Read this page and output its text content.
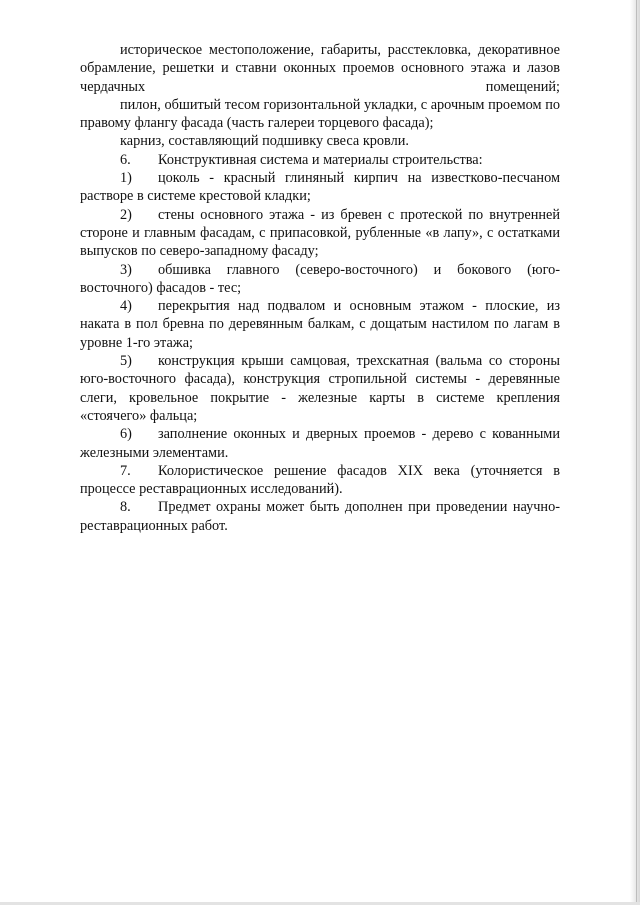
историческое местоположение, габариты, расстекловка, декоративное обрамление, решетки и ставни оконных проемов основного этажа и лазов чердачных помещений;

пилон, обшитый тесом горизонтальной укладки, с арочным проемом по правому флангу фасада (часть галереи торцевого фасада);

карниз, составляющий подшивку свеса кровли.

6. Конструктивная система и материалы строительства:

1) цоколь - красный глиняный кирпич на известково-песчаном растворе в системе крестовой кладки;

2) стены основного этажа - из бревен с протеской по внутренней стороне и главным фасадам, с припасовкой, рубленные «в лапу», с остатками выпусков по северо-западному фасаду;

3) обшивка главного (северо-восточного) и бокового (юго-восточного) фасадов - тес;

4) перекрытия над подвалом и основным этажом - плоские, из наката в пол бревна по деревянным балкам, с дощатым настилом по лагам в уровне 1-го этажа;

5) конструкция крыши самцовая, трехскатная (вальма со стороны юго-восточного фасада), конструкция стропильной системы - деревянные слеги, кровельное покрытие - железные карты в системе крепления «стоячего» фальца;

6) заполнение оконных и дверных проемов - дерево с кованными железными элементами.

7. Колористическое решение фасадов XIX века (уточняется в процессе реставрационных исследований).

8. Предмет охраны может быть дополнен при проведении научно-реставрационных работ.
